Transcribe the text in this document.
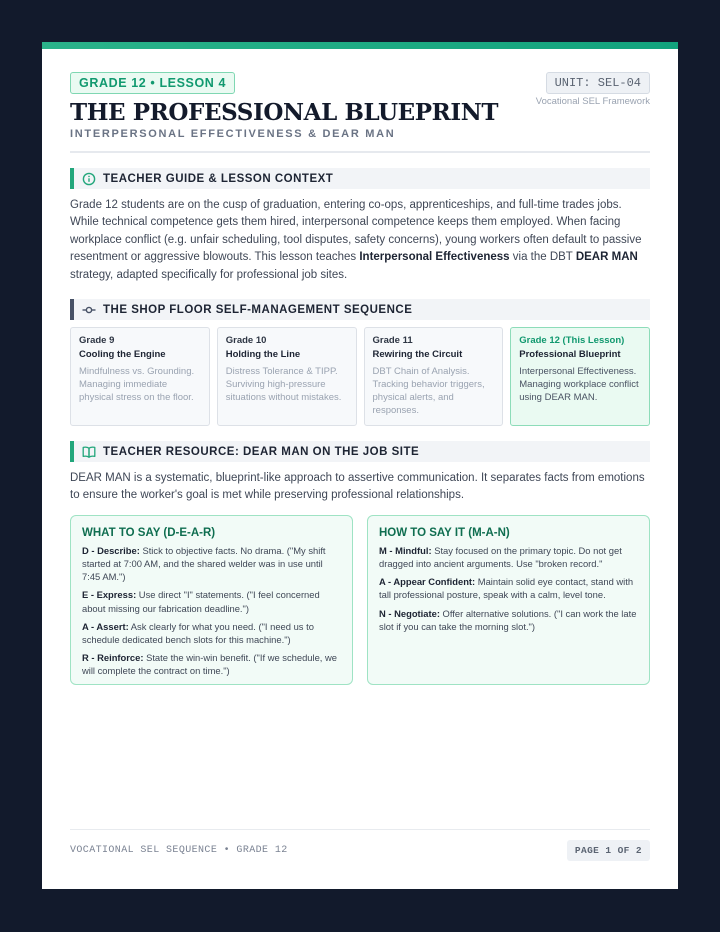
GRADE 12 • LESSON 4	UNIT: SEL-04
Vocational SEL Framework
THE PROFESSIONAL BLUEPRINT
INTERPERSONAL EFFECTIVENESS & DEAR MAN
TEACHER GUIDE & LESSON CONTEXT

Grade 12 students are on the cusp of graduation, entering co-ops, apprenticeships, and full-time trades jobs. While technical competence gets them hired, interpersonal competence keeps them employed. When facing workplace conflict (e.g. unfair scheduling, tool disputes, safety concerns), young workers often default to passive resentment or aggressive blowouts. This lesson teaches Interpersonal Effectiveness via the DBT DEAR MAN strategy, adapted specifically for professional job sites.

THE SHOP FLOOR SELF-MANAGEMENT SEQUENCE
Grade 9
Cooling the Engine
Mindfulness vs. Grounding. Managing immediate physical stress on the floor.
Grade 10
Holding the Line
Distress Tolerance & TIPP. Surviving high-pressure situations without mistakes.
Grade 11
Rewiring the Circuit
DBT Chain of Analysis. Tracking behavior triggers, physical alerts, and responses.
Grade 12 (This Lesson)
Professional Blueprint
Interpersonal Effectiveness. Managing workplace conflict using DEAR MAN.
TEACHER RESOURCE: DEAR MAN ON THE JOB SITE

DEAR MAN is a systematic, blueprint-like approach to assertive communication. It separates facts from emotions to ensure the worker's goal is met while preserving professional relationships.

WHAT TO SAY (D-E-A-R)

D - Describe: Stick to objective facts. No drama. ("My shift started at 7:00 AM, and the shared welder was in use until 7:45 AM.")

E - Express: Use direct "I" statements. ("I feel concerned about missing our fabrication deadline.")

A - Assert: Ask clearly for what you need. ("I need us to schedule dedicated bench slots for this machine.")

R - Reinforce: State the win-win benefit. ("If we schedule, we will complete the contract on time.")

HOW TO SAY IT (M-A-N)

M - Mindful: Stay focused on the primary topic. Do not get dragged into ancient arguments. Use "broken record."

A - Appear Confident: Maintain solid eye contact, stand with tall professional posture, speak with a calm, level tone.

N - Negotiate: Offer alternative solutions. ("I can work the late slot if you can take the morning slot.")

VOCATIONAL SEL SEQUENCE • GRADE 12	PAGE 1 OF 2
